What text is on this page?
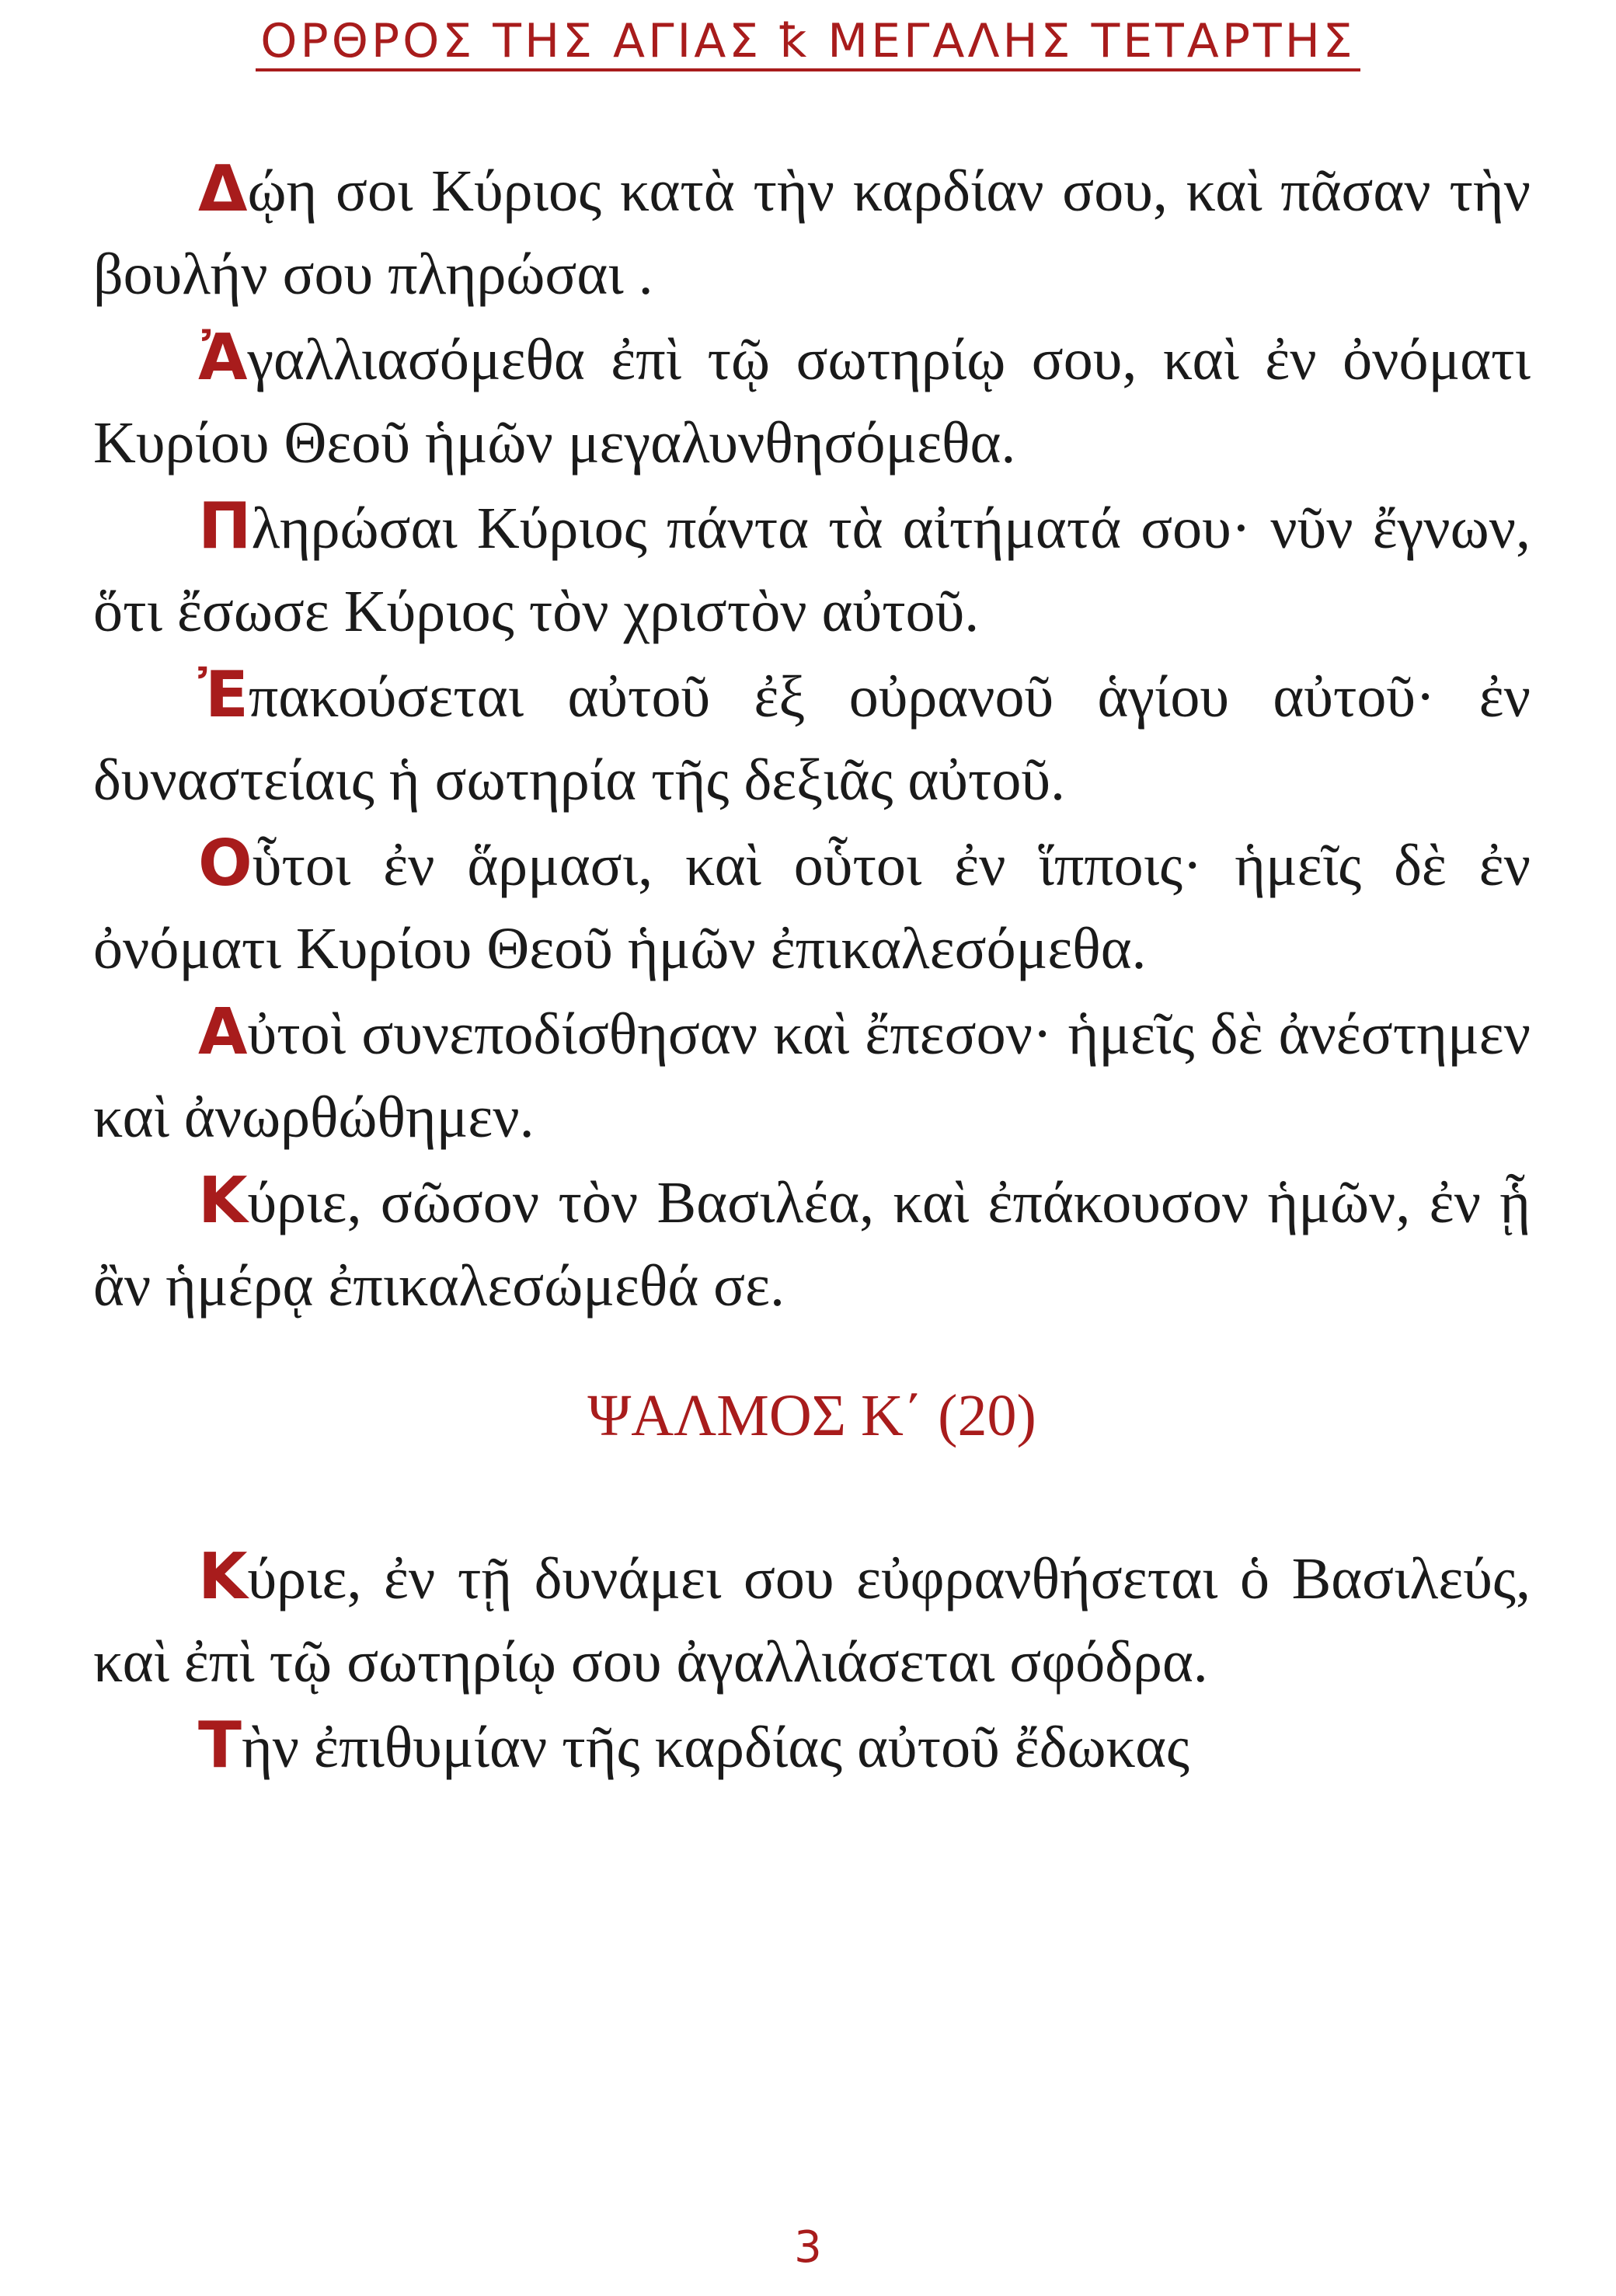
ΟΡΘΡΟΣ ΤΗΣ ΑΓΙΑΣ ꝁ ΜΕΓΑΛΗΣ ΤΕΤΑΡΤΗΣ

Δῴη σοι Κύριος κατὰ τὴν καρδίαν σου, καὶ πᾶσαν τὴν βουλήν σου πληρώσαι .

Ἀγαλλιασόμεθα ἐπὶ τῷ σωτηρίῳ σου, καὶ ἐν ὀνόματι Κυρίου Θεοῦ ἡμῶν μεγαλυνθησόμεθα.

Πληρώσαι Κύριος πάντα τὰ αἰτήματά σου· νῦν ἔγνων, ὅτι ἔσωσε Κύριος τὸν χριστὸν αὐτοῦ.

Ἐπακούσεται αὐτοῦ ἐξ οὐρανοῦ ἁγίου αὐτοῦ· ἐν δυναστείαις ἡ σωτηρία τῆς δεξιᾶς αὐτοῦ.

Οὗτοι ἐν ἅρμασι, καὶ οὗτοι ἐν ἵπποις· ἡμεῖς δὲ ἐν ὀνόματι Κυρίου Θεοῦ ἡμῶν ἐπικαλεσόμεθα.

Αὐτοὶ συνεποδίσθησαν καὶ ἔπεσον· ἡμεῖς δὲ ἀνέστημεν καὶ ἀνωρθώθημεν.

Κύριε, σῶσον τὸν Βασιλέα, καὶ ἐπάκουσον ἡμῶν, ἐν ᾗ ἂν ἡμέρᾳ ἐπικαλεσώμεθά σε.

ΨΑΛΜΟΣ Κ΄ (20)

Κύριε, ἐν τῇ δυνάμει σου εὐφρανθήσεται ὁ Βασιλεύς, καὶ ἐπὶ τῷ σωτηρίῳ σου ἀγαλλιάσεται σφόδρα.

Τὴν ἐπιθυμίαν τῆς καρδίας αὐτοῦ ἔδωκας

3
